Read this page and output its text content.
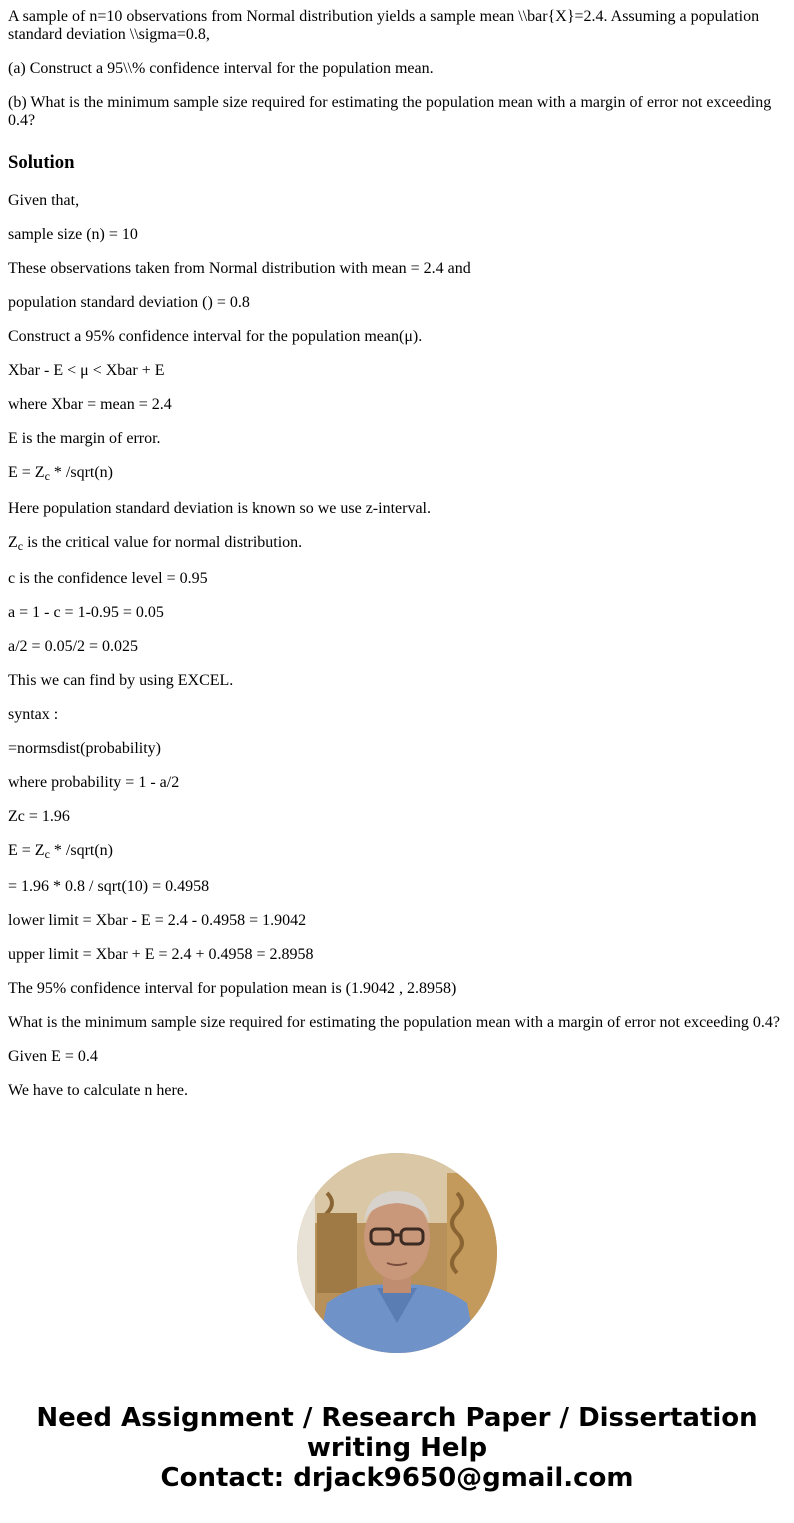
A sample of n=10 observations from Normal distribution yields a sample mean \\bar{X}=2.4. Assuming a population standard deviation \\sigma=0.8,

(a) Construct a 95\\% confidence interval for the population mean.

(b) What is the minimum sample size required for estimating the population mean with a margin of error not exceeding 0.4?

Solution

Given that,

sample size (n) = 10

These observations taken from Normal distribution with mean = 2.4 and

population standard deviation () = 0.8

Construct a 95% confidence interval for the population mean(μ).

Xbar - E < μ < Xbar + E

where Xbar = mean = 2.4

E is the margin of error.

$E = Z_c$ * /sqrt(n)

Here population standard deviation is known so we use z-interval.

$Z_c$ is the critical value for normal distribution.

c is the confidence level = 0.95

a = 1 - c = 1-0.95 = 0.05

a/2 = 0.05/2 = 0.025

This we can find by using EXCEL.

syntax :

=normsdist(probability)

where probability = 1 - a/2

Zc = 1.96

$E = Z_c$ * /sqrt(n)

= 1.96 * 0.8 / sqrt(10) = 0.4958

lower limit = Xbar - E = 2.4 - 0.4958 = 1.9042

upper limit = Xbar + E = 2.4 + 0.4958 = 2.8958

The 95% confidence interval for population mean is (1.9042 , 2.8958)

What is the minimum sample size required for estimating the population mean with a margin of error not exceeding 0.4?

Given E = 0.4

We have to calculate n here.

Need Assignment / Research Paper / Dissertation
writing Help
Contact: drjack9650@gmail.com
